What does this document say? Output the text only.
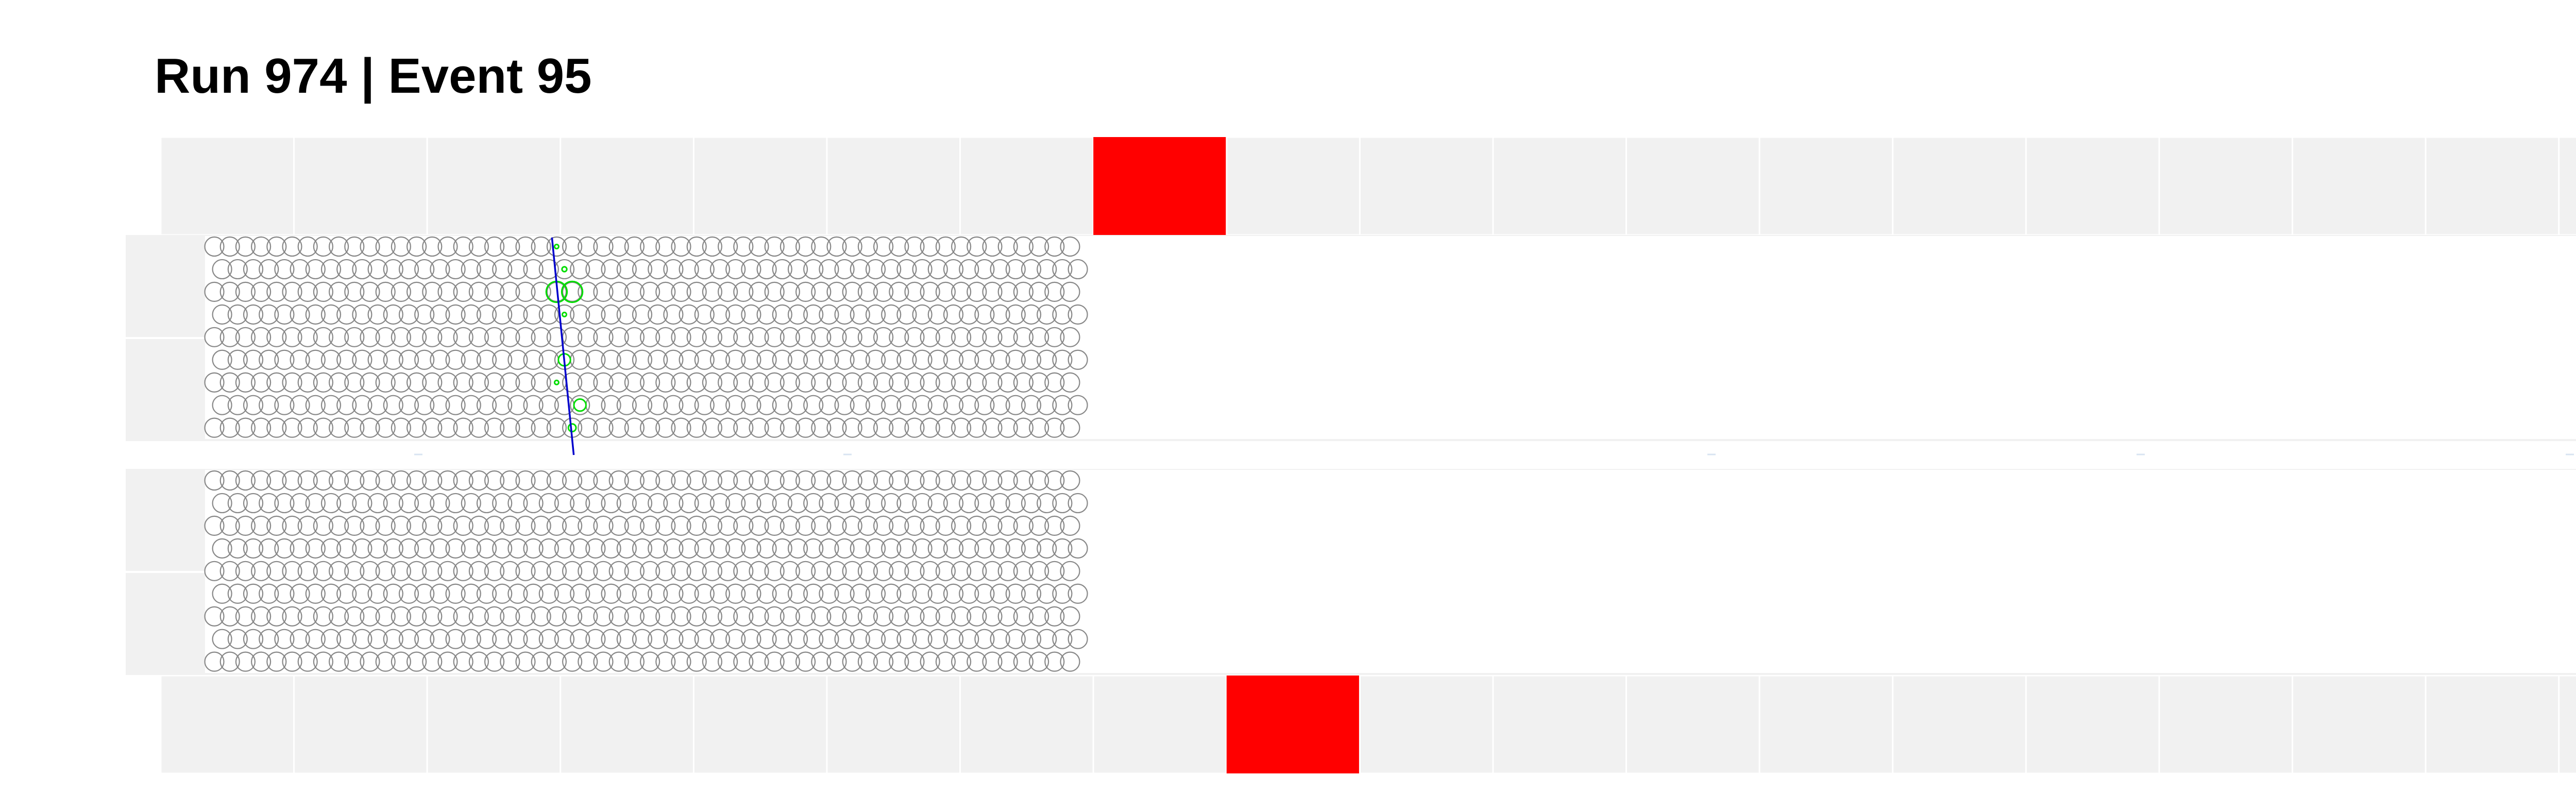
Run 974 | Event 95
